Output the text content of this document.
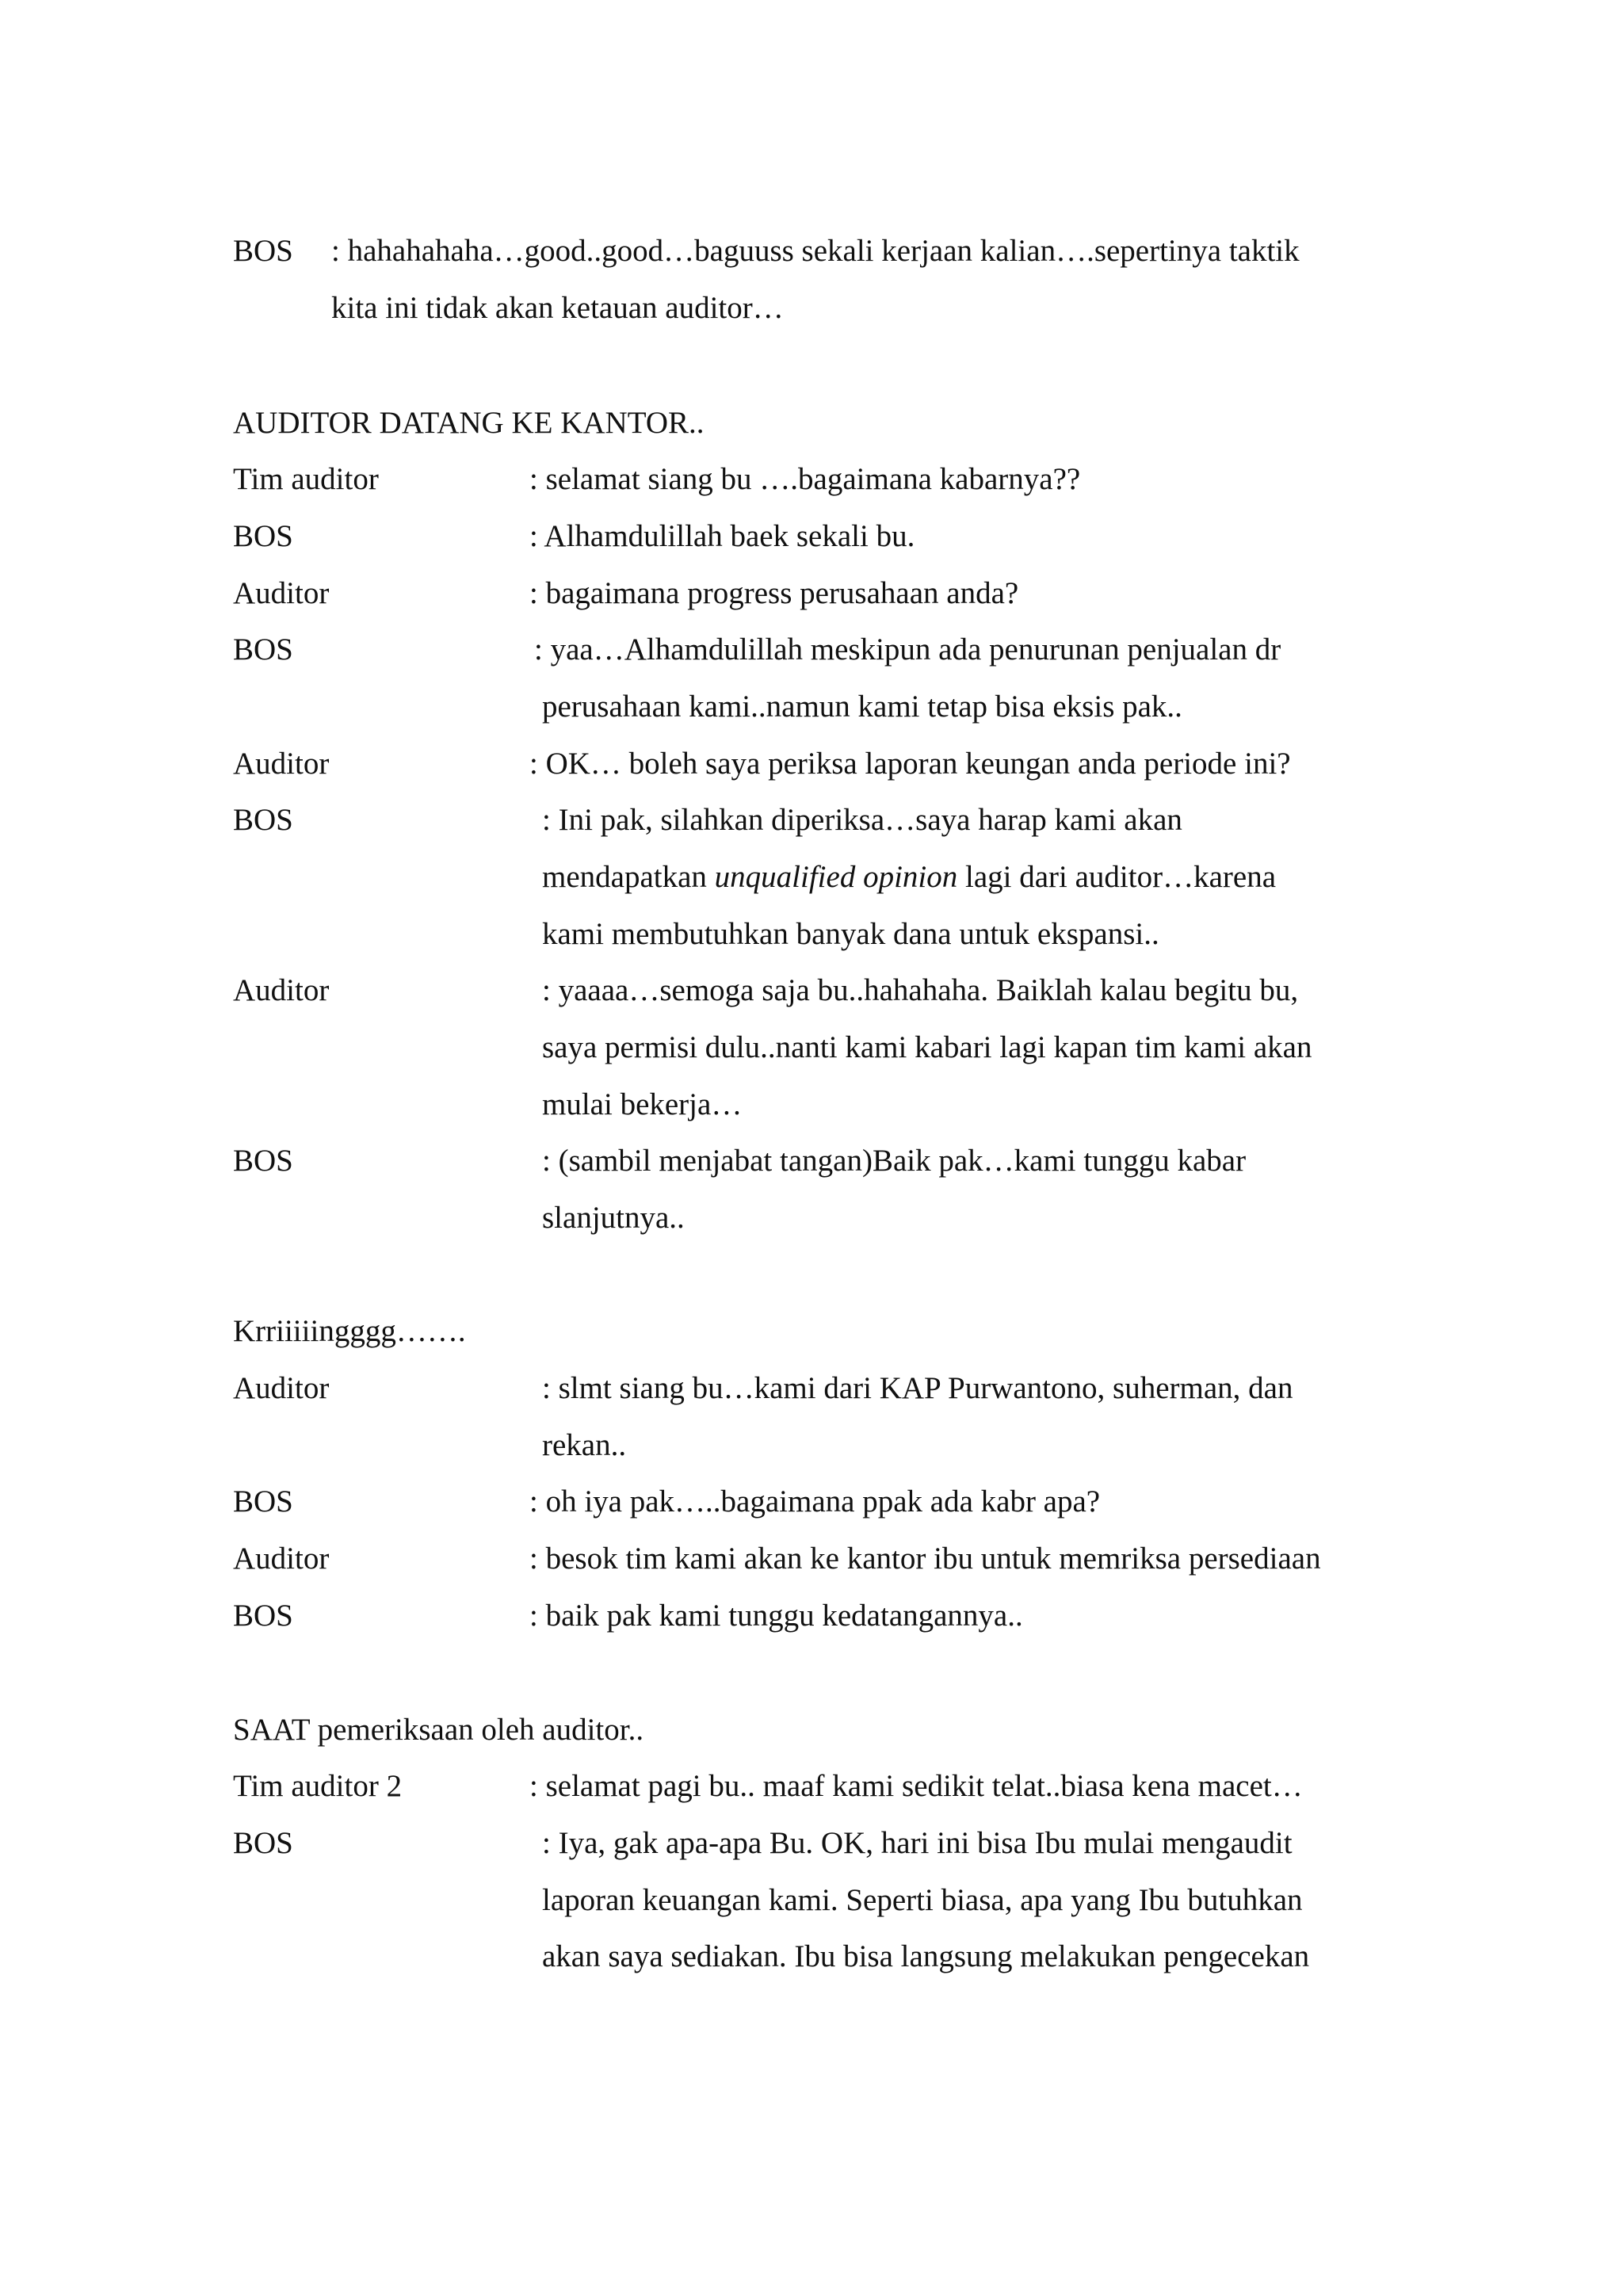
BOS : hahahahaha…good..good…baguuss sekali kerjaan kalian….sepertinya taktik
kita ini tidak akan ketauan auditor…
AUDITOR DATANG KE KANTOR..
Tim auditor	: selamat siang bu ….bagaimana kabarnya??
BOS	: Alhamdulillah baek sekali bu.
Auditor	: bagaimana progress perusahaan anda?
BOS	: yaa…Alhamdulillah meskipun ada penurunan penjualan dr
perusahaan kami..namun kami tetap bisa eksis pak..
Auditor	: OK… boleh saya periksa laporan keungan anda periode ini?
BOS	: Ini pak, silahkan diperiksa…saya harap kami akan
mendapatkan unqualified opinion lagi dari auditor…karena
kami membutuhkan banyak dana untuk ekspansi..
Auditor	: yaaaa…semoga saja bu..hahahaha. Baiklah kalau begitu bu,
saya permisi dulu..nanti kami kabari lagi kapan tim kami akan
mulai bekerja…
BOS	: (sambil menjabat tangan)Baik pak…kami tunggu kabar
slanjutnya..
Krriiiiingggg…….
Auditor	: slmt siang bu…kami dari KAP Purwantono, suherman, dan
rekan..
BOS	: oh iya pak…..bagaimana ppak ada kabr apa?
Auditor	: besok tim kami akan ke kantor ibu untuk memriksa persediaan
BOS	: baik pak kami tunggu kedatangannya..
SAAT pemeriksaan oleh auditor..
Tim auditor 2	: selamat pagi bu.. maaf kami sedikit telat..biasa kena macet…
BOS	: Iya, gak apa-apa Bu. OK, hari ini bisa Ibu mulai mengaudit
laporan keuangan kami. Seperti biasa, apa yang Ibu butuhkan
akan saya sediakan. Ibu bisa langsung melakukan pengecekan
